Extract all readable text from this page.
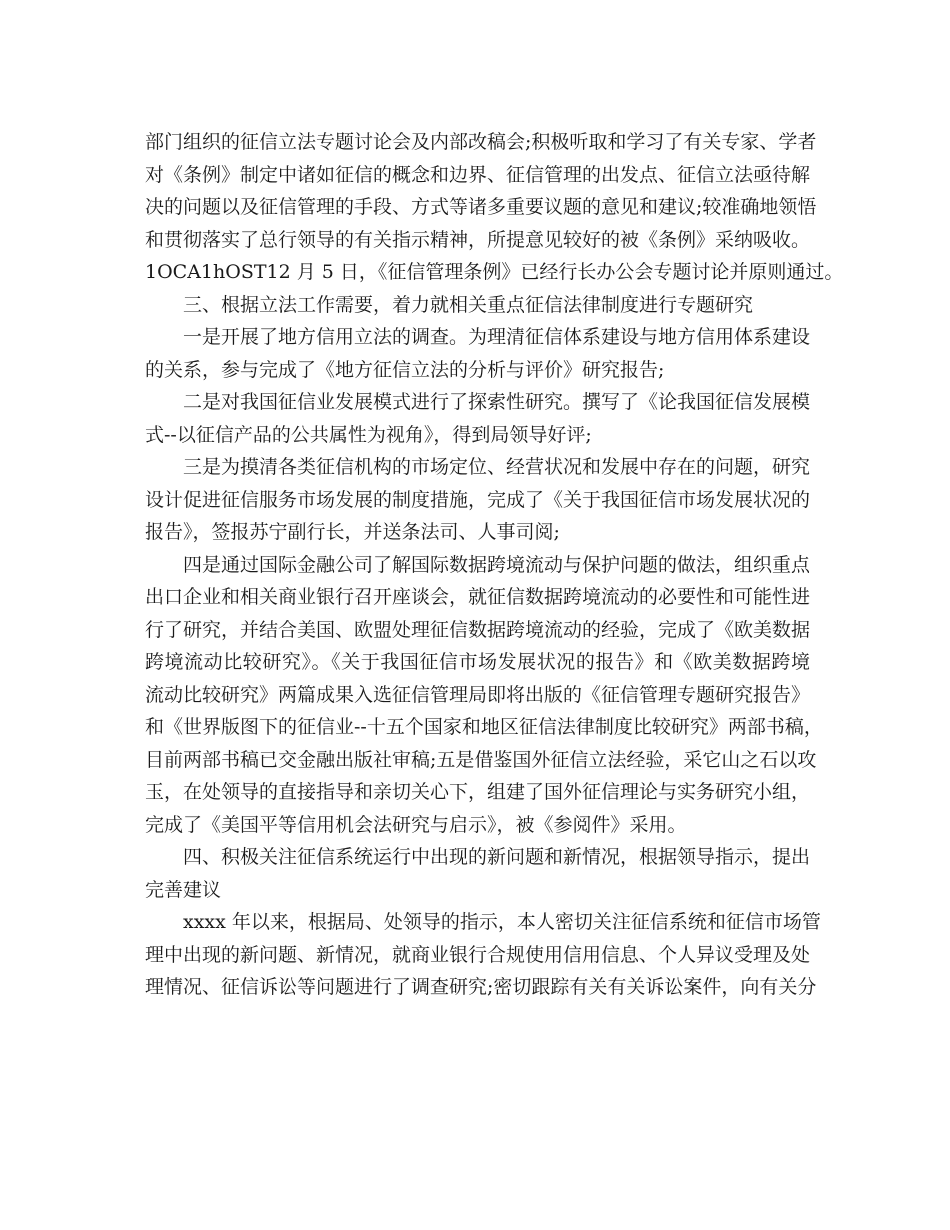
部门组织的征信立法专题讨论会及内部改稿会;积极听取和学习了有关专家、学者
对《条例》制定中诸如征信的概念和边界、征信管理的出发点、征信立法亟待解
决的问题以及征信管理的手段、方式等诸多重要议题的意见和建议;较准确地领悟
和贯彻落实了总行领导的有关指示精神，所提意见较好的被《条例》采纳吸收。
1OCA1hOST12 月 5 日，《征信管理条例》已经行长办公会专题讨论并原则通过。
三、根据立法工作需要，着力就相关重点征信法律制度进行专题研究
一是开展了地方信用立法的调查。为理清征信体系建设与地方信用体系建设
的关系，参与完成了《地方征信立法的分析与评价》研究报告;
二是对我国征信业发展模式进行了探索性研究。撰写了《论我国征信发展模
式--以征信产品的公共属性为视角》，得到局领导好评;
三是为摸清各类征信机构的市场定位、经营状况和发展中存在的问题，研究
设计促进征信服务市场发展的制度措施，完成了《关于我国征信市场发展状况的
报告》，签报苏宁副行长，并送条法司、人事司阅;
四是通过国际金融公司了解国际数据跨境流动与保护问题的做法，组织重点
出口企业和相关商业银行召开座谈会，就征信数据跨境流动的必要性和可能性进
行了研究，并结合美国、欧盟处理征信数据跨境流动的经验，完成了《欧美数据
跨境流动比较研究》。《关于我国征信市场发展状况的报告》和《欧美数据跨境
流动比较研究》两篇成果入选征信管理局即将出版的《征信管理专题研究报告》
和《世界版图下的征信业--十五个国家和地区征信法律制度比较研究》两部书稿，
目前两部书稿已交金融出版社审稿;五是借鉴国外征信立法经验，采它山之石以攻
玉，在处领导的直接指导和亲切关心下，组建了国外征信理论与实务研究小组，
完成了《美国平等信用机会法研究与启示》，被《参阅件》采用。
四、积极关注征信系统运行中出现的新问题和新情况，根据领导指示，提出
完善建议
xxxx 年以来，根据局、处领导的指示，本人密切关注征信系统和征信市场管
理中出现的新问题、新情况，就商业银行合规使用信用信息、个人异议受理及处
理情况、征信诉讼等问题进行了调查研究;密切跟踪有关有关诉讼案件，向有关分
